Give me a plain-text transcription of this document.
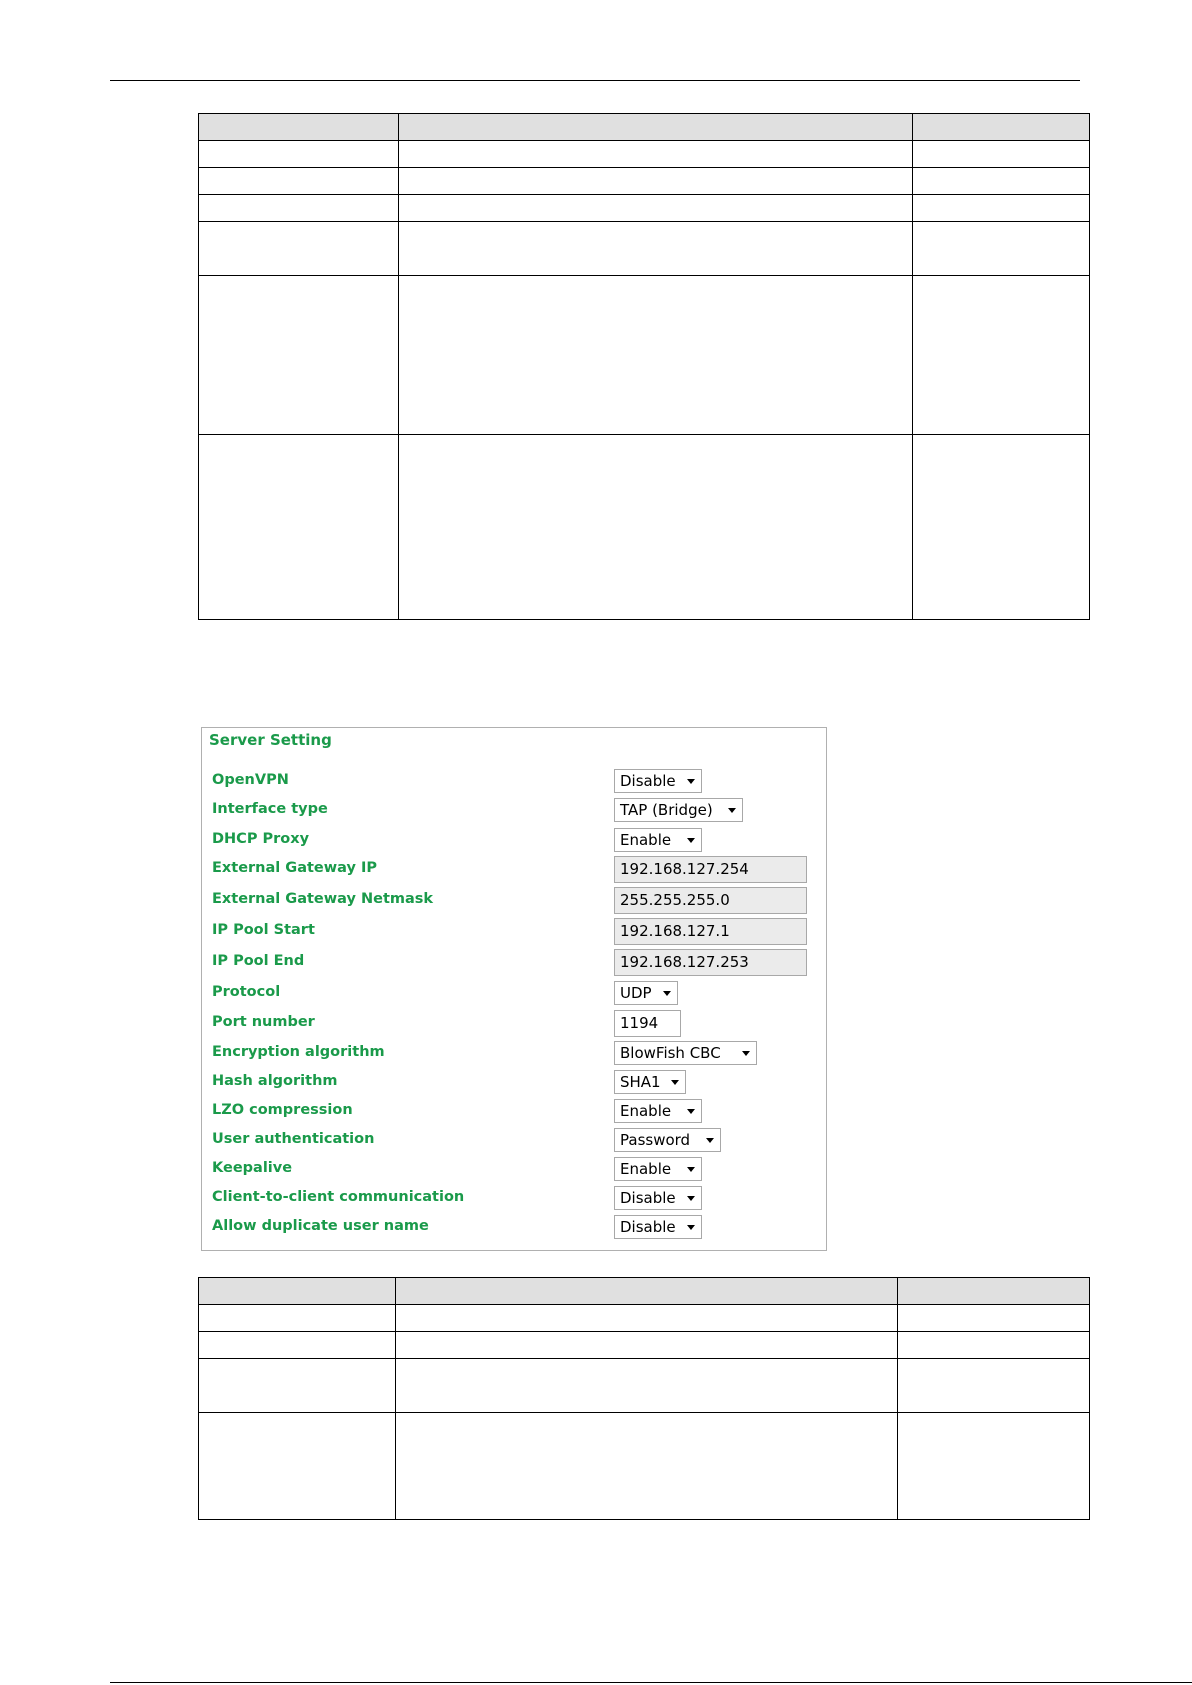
Server Setting
OpenVPN	Disable
Interface type	TAP (Bridge)
DHCP Proxy	Enable
External Gateway IP	192.168.127.254
External Gateway Netmask	255.255.255.0
IP Pool Start	192.168.127.1
IP Pool End	192.168.127.253
Protocol	UDP
Port number	1194
Encryption algorithm	BlowFish CBC
Hash algorithm	SHA1
LZO compression	Enable
User authentication	Password
Keepalive	Enable
Client-to-client communication	Disable
Allow duplicate user name	Disable
